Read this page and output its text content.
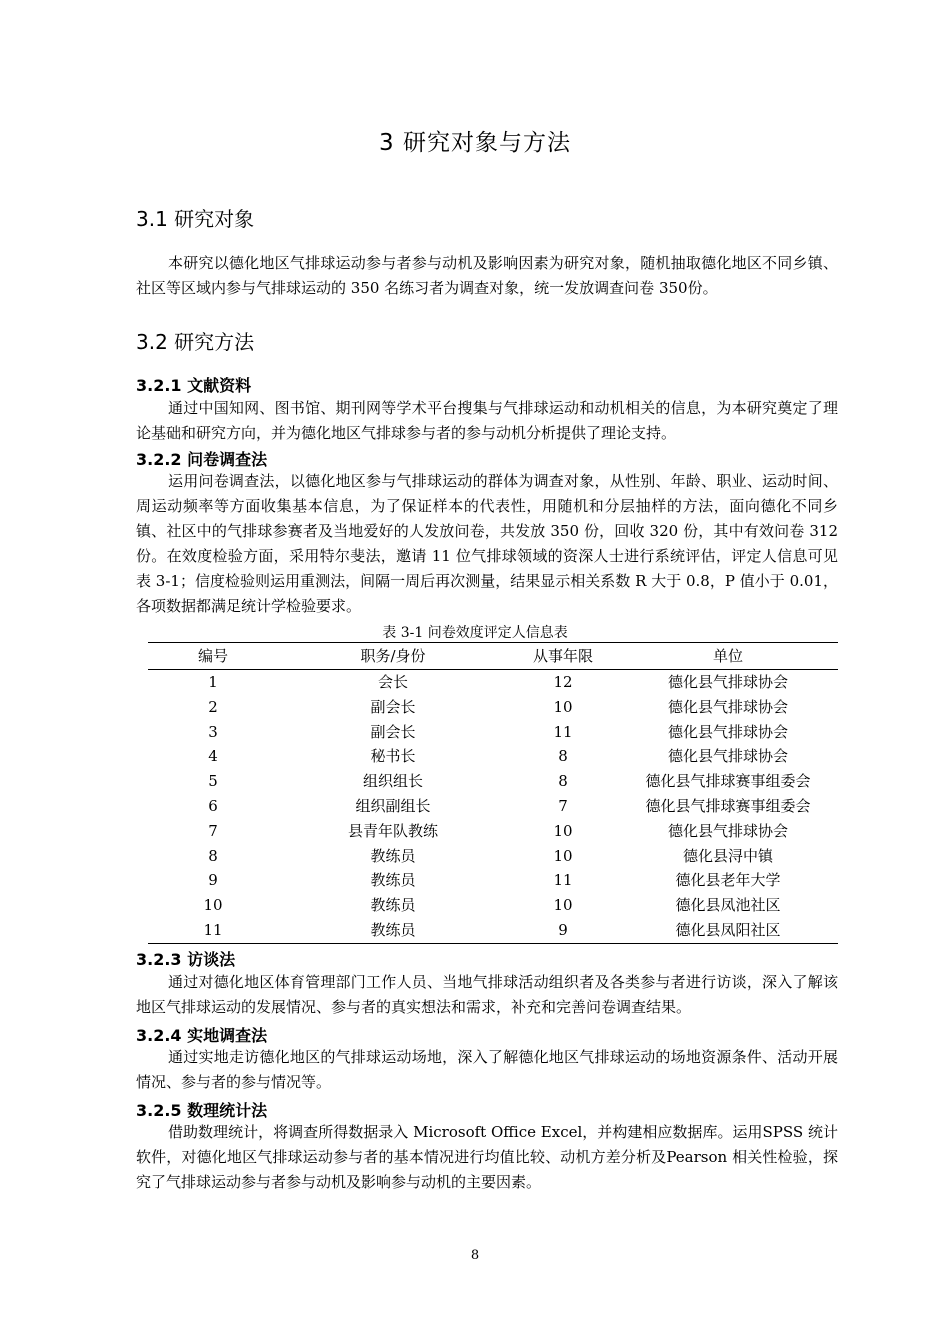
3 研究对象与方法
3.1 研究对象

本研究以德化地区气排球运动参与者参与动机及影响因素为研究对象，随机抽取德化地区不同乡镇、社区等区域内参与气排球运动的 350 名练习者为调查对象，统一发放调查问卷 350份。

3.2 研究方法
3.2.1 文献资料

通过中国知网、图书馆、期刊网等学术平台搜集与气排球运动和动机相关的信息，为本研究奠定了理论基础和研究方向，并为德化地区气排球参与者的参与动机分析提供了理论支持。

3.2.2 问卷调查法

运用问卷调查法，以德化地区参与气排球运动的群体为调查对象，从性别、年龄、职业、运动时间、周运动频率等方面收集基本信息，为了保证样本的代表性，用随机和分层抽样的方法，面向德化不同乡镇、社区中的气排球参赛者及当地爱好的人发放问卷，共发放 350 份，回收 320 份，其中有效问卷 312 份。在效度检验方面，采用特尔斐法，邀请 11 位气排球领域的资深人士进行系统评估，评定人信息可见表 3-1；信度检验则运用重测法，间隔一周后再次测量，结果显示相关系数 R 大于 0.8，P 值小于 0.01，各项数据都满足统计学检验要求。

表 3-1 问卷效度评定人信息表

编号	职务/身份	从事年限	单位
1	会长	12	德化县气排球协会
2	副会长	10	德化县气排球协会
3	副会长	11	德化县气排球协会
4	秘书长	8	德化县气排球协会
5	组织组长	8	德化县气排球赛事组委会
6	组织副组长	7	德化县气排球赛事组委会
7	县青年队教练	10	德化县气排球协会
8	教练员	10	德化县浔中镇
9	教练员	11	德化县老年大学
10	教练员	10	德化县凤池社区
11	教练员	9	德化县凤阳社区
3.2.3 访谈法

通过对德化地区体育管理部门工作人员、当地气排球活动组织者及各类参与者进行访谈，深入了解该地区气排球运动的发展情况、参与者的真实想法和需求，补充和完善问卷调查结果。

3.2.4 实地调查法

通过实地走访德化地区的气排球运动场地，深入了解德化地区气排球运动的场地资源条件、活动开展情况、参与者的参与情况等。

3.2.5 数理统计法

借助数理统计，将调查所得数据录入 Microsoft Office Excel，并构建相应数据库。运用SPSS 统计软件，对德化地区气排球运动参与者的基本情况进行均值比较、动机方差分析及Pearson 相关性检验，探究了气排球运动参与者参与动机及影响参与动机的主要因素。

8
